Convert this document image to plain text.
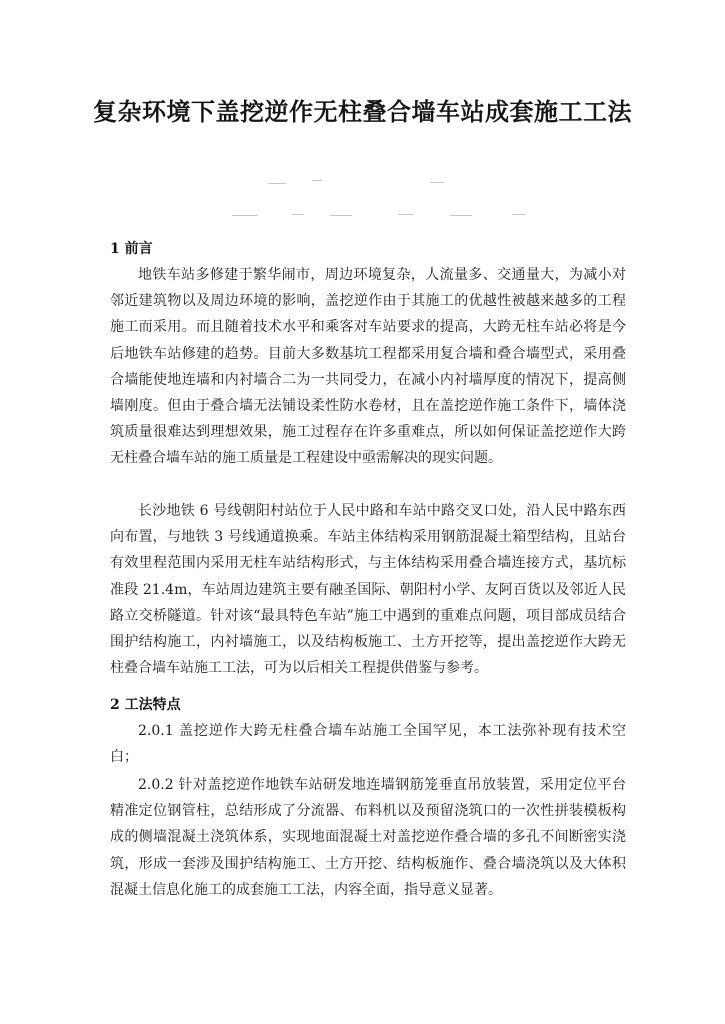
复杂环境下盖挖逆作无柱叠合墙车站成套施工工法
1 前言
地铁车站多修建于繁华闹市，周边环境复杂，人流量多、交通量大，为减小对邻近建筑物以及周边环境的影响，盖挖逆作由于其施工的优越性被越来越多的工程施工而采用。而且随着技术水平和乘客对车站要求的提高，大跨无柱车站必将是今后地铁车站修建的趋势。目前大多数基坑工程都采用复合墙和叠合墙型式，采用叠合墙能使地连墙和内衬墙合二为一共同受力，在减小内衬墙厚度的情况下，提高侧墙刚度。但由于叠合墙无法铺设柔性防水卷材，且在盖挖逆作施工条件下，墙体浇筑质量很难达到理想效果，施工过程存在许多重难点，所以如何保证盖挖逆作大跨无柱叠合墙车站的施工质量是工程建设中亟需解决的现实问题。
长沙地铁 6 号线朝阳村站位于人民中路和车站中路交叉口处，沿人民中路东西向布置，与地铁 3 号线通道换乘。车站主体结构采用钢筋混凝土箱型结构，且站台有效里程范围内采用无柱车站结构形式，与主体结构采用叠合墙连接方式，基坑标准段 21.4m，车站周边建筑主要有融圣国际、朝阳村小学、友阿百货以及邻近人民路立交桥隧道。针对该“最具特色车站”施工中遇到的重难点问题，项目部成员结合围护结构施工，内衬墙施工，以及结构板施工、土方开挖等，提出盖挖逆作大跨无柱叠合墙车站施工工法，可为以后相关工程提供借鉴与参考。
2 工法特点
2.0.1 盖挖逆作大跨无柱叠合墙车站施工全国罕见，本工法弥补现有技术空白；
2.0.2 针对盖挖逆作地铁车站研发地连墙钢筋笼垂直吊放装置，采用定位平台精准定位钢管柱，总结形成了分流器、布料机以及预留浇筑口的一次性拼装模板构成的侧墙混凝土浇筑体系，实现地面混凝土对盖挖逆作叠合墙的多孔不间断密实浇筑，形成一套涉及围护结构施工、土方开挖、结构板施作、叠合墙浇筑以及大体积混凝土信息化施工的成套施工工法，内容全面，指导意义显著。
